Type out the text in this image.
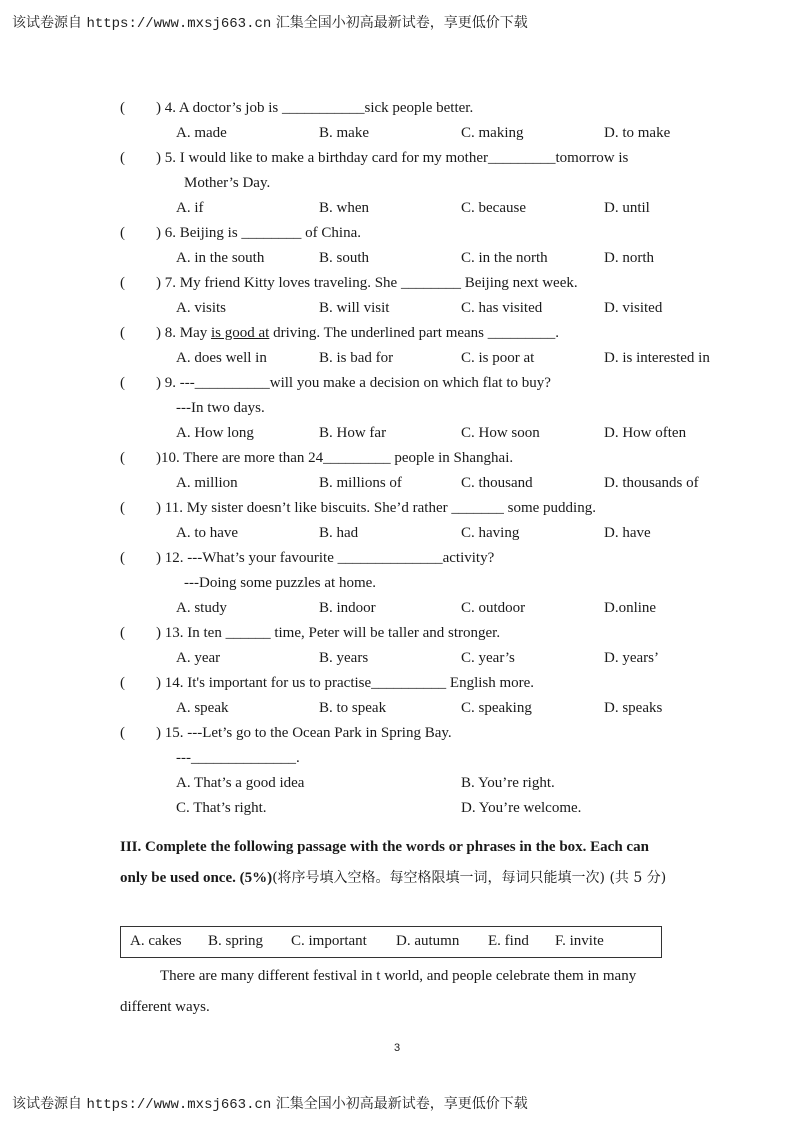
该试卷源自 https://www.mxsj663.cn 汇集全国小初高最新试卷，享更低价下载
( ) 4. A doctor’s job is ___________sick people better.
A. made	B. make	C. making	D. to make
( ) 5. I would like to make a birthday card for my mother_________tomorrow is
Mother’s Day.
A. if	B. when	C. because	D. until
( ) 6. Beijing is ________ of China.
A. in the south	B. south	C. in the north	D. north
( ) 7. My friend Kitty loves traveling. She ________ Beijing next week.
A. visits	B. will visit	C. has visited	D. visited
( ) 8. May is good at driving. The underlined part means _________.
A. does well in	B. is bad for	C. is poor at	D. is interested in
( ) 9. ---__________will you make a decision on which flat to buy?
---In two days.
A. How long	B. How far	C. How soon	D. How often
( )10. There are more than 24_________ people in Shanghai.
A. million	B. millions of	C. thousand	D. thousands of
( ) 11. My sister doesn’t like biscuits. She’d rather _______ some pudding.
A. to have	B. had	C. having	D. have
( ) 12. ---What’s your favourite ______________activity?
---Doing some puzzles at home.
A. study	B. indoor	C. outdoor	D.online
( ) 13. In ten ______ time, Peter will be taller and stronger.
A. year	B. years	C. year’s	D. years’
( ) 14. It's important for us to practise__________ English more.
A. speak	B. to speak	C. speaking	D. speaks
( ) 15. ---Let’s go to the Ocean Park in Spring Bay.
---______________.
A. That’s a good idea	B. You’re right.
C. That’s right.	D. You’re welcome.
III. Complete the following passage with the words or phrases in the box. Each can only be used once. (5%)(将序号填入空格。每空格限填一词，每词只能填一次) (共 5 分)
A. cakes B. spring C. important D. autumn E. find F. invite
There are many different festival in t world, and people celebrate them in many
different ways.
3
该试卷源自 https://www.mxsj663.cn 汇集全国小初高最新试卷，享更低价下载
